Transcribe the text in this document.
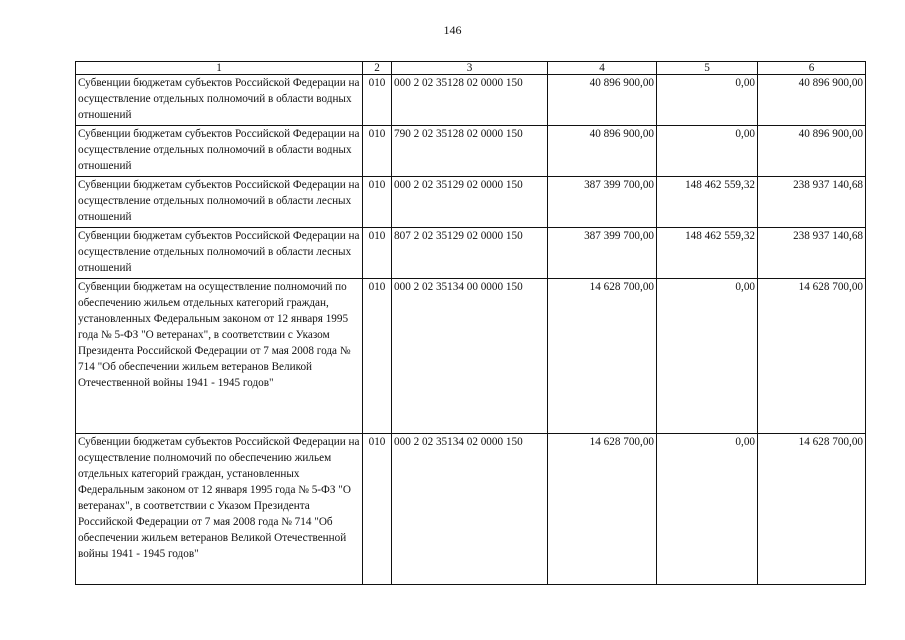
146
1	2	3	4	5	6
Субвенции бюджетам субъектов Российской Федерации на осуществление отдельных полномочий в области водных отношений	010	000 2 02 35128 02 0000 150	40 896 900,00	0,00	40 896 900,00
Субвенции бюджетам субъектов Российской Федерации на осуществление отдельных полномочий в области водных отношений	010	790 2 02 35128 02 0000 150	40 896 900,00	0,00	40 896 900,00
Субвенции бюджетам субъектов Российской Федерации на осуществление отдельных полномочий в области лесных отношений	010	000 2 02 35129 02 0000 150	387 399 700,00	148 462 559,32	238 937 140,68
Субвенции бюджетам субъектов Российской Федерации на осуществление отдельных полномочий в области лесных отношений	010	807 2 02 35129 02 0000 150	387 399 700,00	148 462 559,32	238 937 140,68
Субвенции бюджетам на осуществление полномочий по обеспечению жильем отдельных категорий граждан, установленных Федеральным законом от 12 января 1995 года № 5-ФЗ "О ветеранах", в соответствии с Указом Президента Российской Федерации от 7 мая 2008 года № 714 "Об обеспечении жильем ветеранов Великой Отечественной войны 1941 - 1945 годов"	010	000 2 02 35134 00 0000 150	14 628 700,00	0,00	14 628 700,00
Субвенции бюджетам субъектов Российской Федерации на осуществление полномочий по обеспечению жильем отдельных категорий граждан, установленных Федеральным законом от 12 января 1995 года № 5-ФЗ "О ветеранах", в соответствии с Указом Президента Российской Федерации от 7 мая 2008 года № 714 "Об обеспечении жильем ветеранов Великой Отечественной войны 1941 - 1945 годов"	010	000 2 02 35134 02 0000 150	14 628 700,00	0,00	14 628 700,00
